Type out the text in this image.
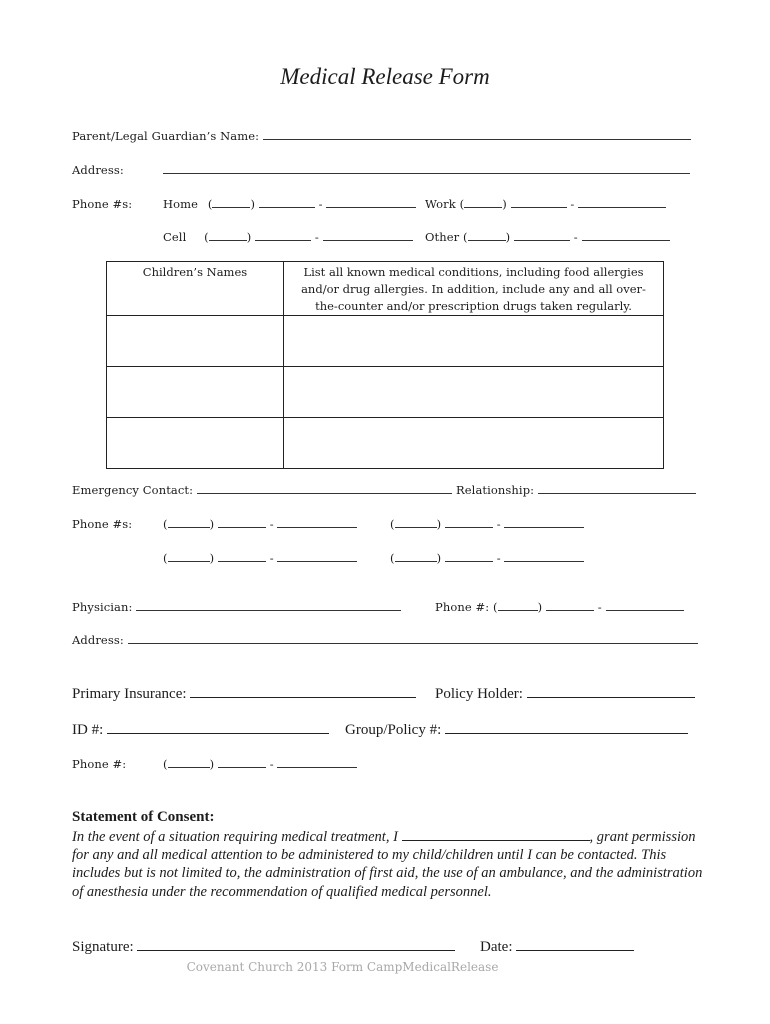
Medical Release Form
Parent/Legal Guardian’s Name:
Address:
Phone #s:	Home (	)	-	Work (	)	-
Cell (	)	-	Other (	)	-
Children’s Names	List all known medical conditions, including food allergies
and/or drug allergies. In addition, include any and all over-
the-counter and/or prescription drugs taken regularly.

Emergency Contact:	Relationship:
Phone #s:	(	)	-	(	)	-
(	)	-	(	)	-
Physician:	Phone #: (	)	-
Address:
Primary Insurance:	Policy Holder:
ID #:	Group/Policy #:
Phone #:	(	)	-
Statement of Consent:
In the event of a situation requiring medical treatment, I	, grant permission for any and all medical attention to be administered to my child/children until I can be contacted. This includes but is not limited to, the administration of first aid, the use of an ambulance, and the administration of anesthesia under the recommendation of qualified medical personnel.
Signature:	Date:
Covenant Church 2013 Form CampMedicalRelease
